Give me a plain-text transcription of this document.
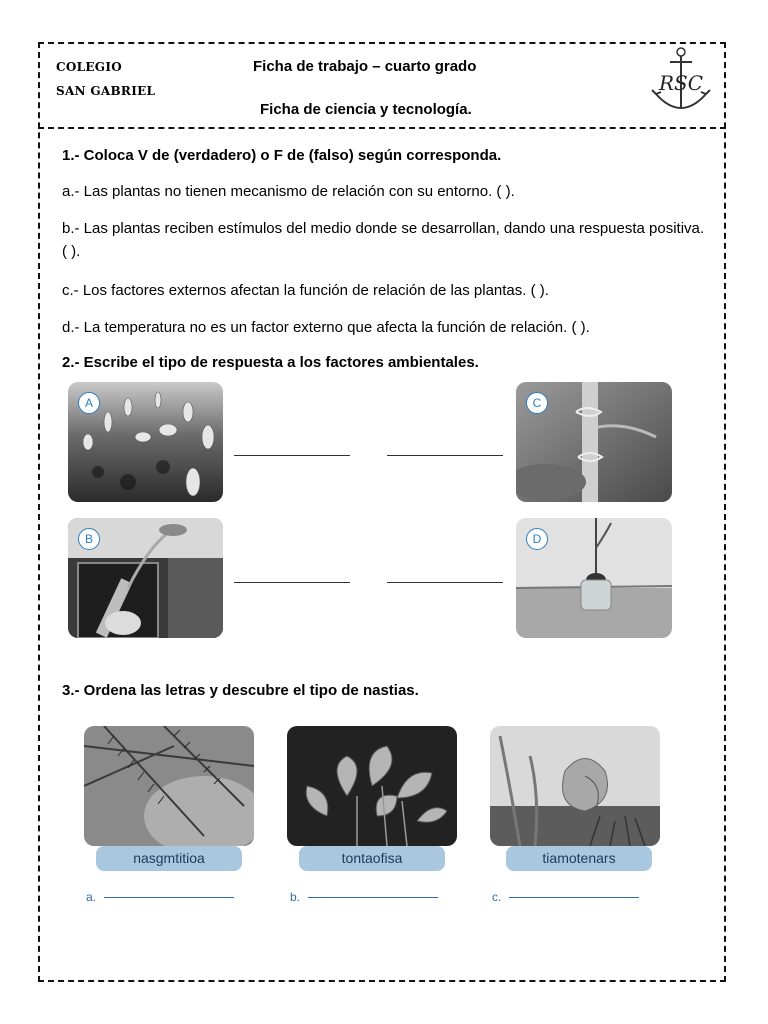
COLEGIO
SAN GABRIEL
Ficha de trabajo – cuarto grado
Ficha de ciencia y tecnología.
RSC
1.- Coloca V de (verdadero) o F de (falso) según corresponda.
a.- Las plantas no tienen mecanismo de relación con su entorno. ( ).
b.- Las plantas reciben estímulos del medio donde se desarrollan, dando una respuesta positiva. ( ).
c.- Los factores externos afectan la función de relación de las plantas. ( ).
d.- La temperatura no es un factor externo que afecta la función de relación. ( ).
2.- Escribe el tipo de respuesta a los factores ambientales.
A
B
C
D
3.- Ordena las letras y descubre el tipo de nastias.
nasgmtitioa	tontaofisa	tiamotenars
a.	b.	c.
